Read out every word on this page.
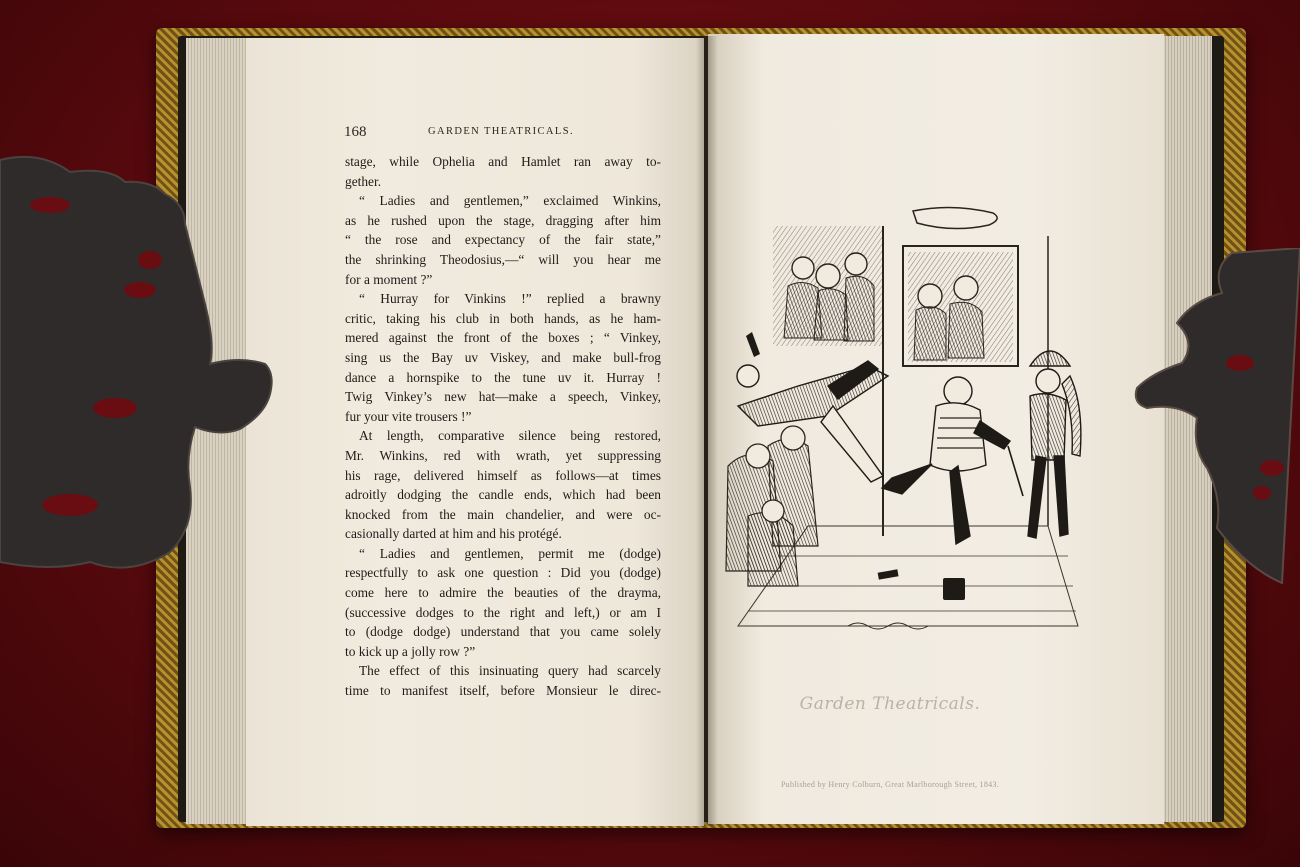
168	GARDEN THEATRICALS.
stage, while Ophelia and Hamlet ran away to-
gether.
“ Ladies and gentlemen,” exclaimed Winkins,
as he rushed upon the stage, dragging after him
“ the rose and expectancy of the fair state,”
the shrinking Theodosius,—“ will you hear me
for a moment ?”
“ Hurray for Vinkins !” replied a brawny
critic, taking his club in both hands, as he ham-
mered against the front of the boxes ; “ Vinkey,
sing us the Bay uv Viskey, and make bull-frog
dance a hornspike to the tune uv it. Hurray !
Twig Vinkey’s new hat—make a speech, Vinkey,
fur your vite trousers !”
At length, comparative silence being restored,
Mr. Winkins, red with wrath, yet suppressing
his rage, delivered himself as follows—at times
adroitly dodging the candle ends, which had been
knocked from the main chandelier, and were oc-
casionally darted at him and his protégé.
“ Ladies and gentlemen, permit me (dodge)
respectfully to ask one question : Did you (dodge)
come here to admire the beauties of the drayma,
(successive dodges to the right and left,) or am I
to (dodge dodge) understand that you came solely
to kick up a jolly row ?”
The effect of this insinuating query had scarcely
time to manifest itself, before Monsieur le direc-
Garden Theatricals.
Published by Henry Colburn, Great Marlborough Street, 1843.
